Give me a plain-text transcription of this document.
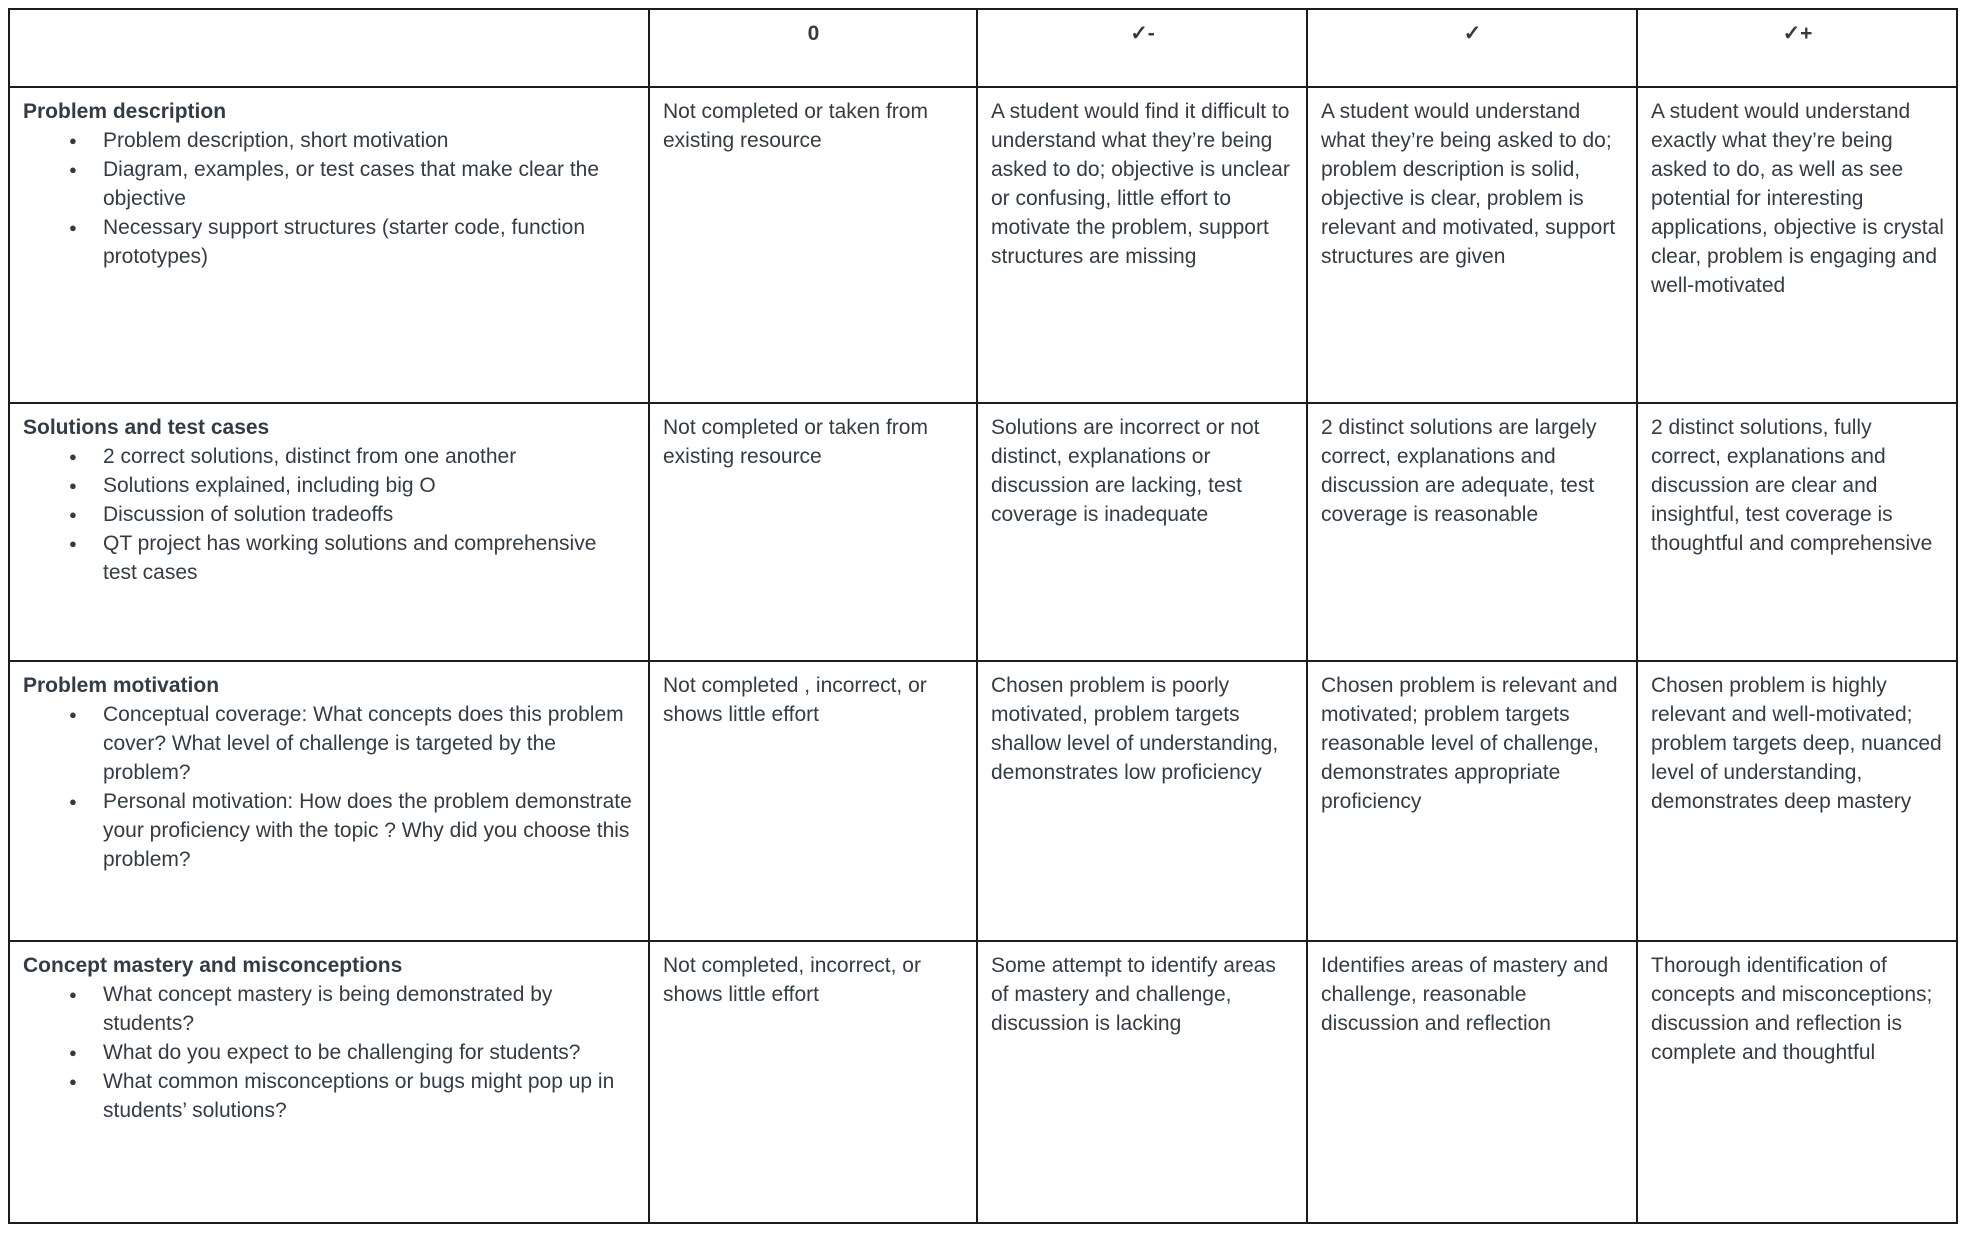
	0	✓-	✓	✓+

Problem description
● Problem description, short motivation
● Diagram, examples, or test cases that make clear the objective
● Necessary support structures (starter code, function prototypes)
	Not completed or taken from existing resource	A student would find it difficult to understand what they’re being asked to do; objective is unclear or confusing, little effort to motivate the problem, support structures are missing	A student would understand what they’re being asked to do; problem description is solid, objective is clear, problem is relevant and motivated, support structures are given	A student would understand exactly what they’re being asked to do, as well as see potential for interesting applications, objective is crystal clear, problem is engaging and well-motivated

Solutions and test cases
● 2 correct solutions, distinct from one another
● Solutions explained, including big O
● Discussion of solution tradeoffs
● QT project has working solutions and comprehensive test cases
	Not completed or taken from existing resource	Solutions are incorrect or not distinct, explanations or discussion are lacking, test coverage is inadequate	2 distinct solutions are largely correct, explanations and discussion are adequate, test coverage is reasonable	2 distinct solutions, fully correct, explanations and discussion are clear and insightful, test coverage is thoughtful and comprehensive

Problem motivation
● Conceptual coverage: What concepts does this problem cover? What level of challenge is targeted by the problem?
● Personal motivation: How does the problem demonstrate your proficiency with the topic ? Why did you choose this problem?
	Not completed , incorrect, or shows little effort	Chosen problem is poorly motivated, problem targets shallow level of understanding, demonstrates low proficiency	Chosen problem is relevant and motivated; problem targets reasonable level of challenge, demonstrates appropriate proficiency	Chosen problem is highly relevant and well-motivated; problem targets deep, nuanced level of understanding, demonstrates deep mastery

Concept mastery and misconceptions
● What concept mastery is being demonstrated by students?
● What do you expect to be challenging for students?
● What common misconceptions or bugs might pop up in students’ solutions?
	Not completed, incorrect, or shows little effort	Some attempt to identify areas of mastery and challenge, discussion is lacking	Identifies areas of mastery and challenge, reasonable discussion and reflection	Thorough identification of concepts and misconceptions; discussion and reflection is complete and thoughtful
